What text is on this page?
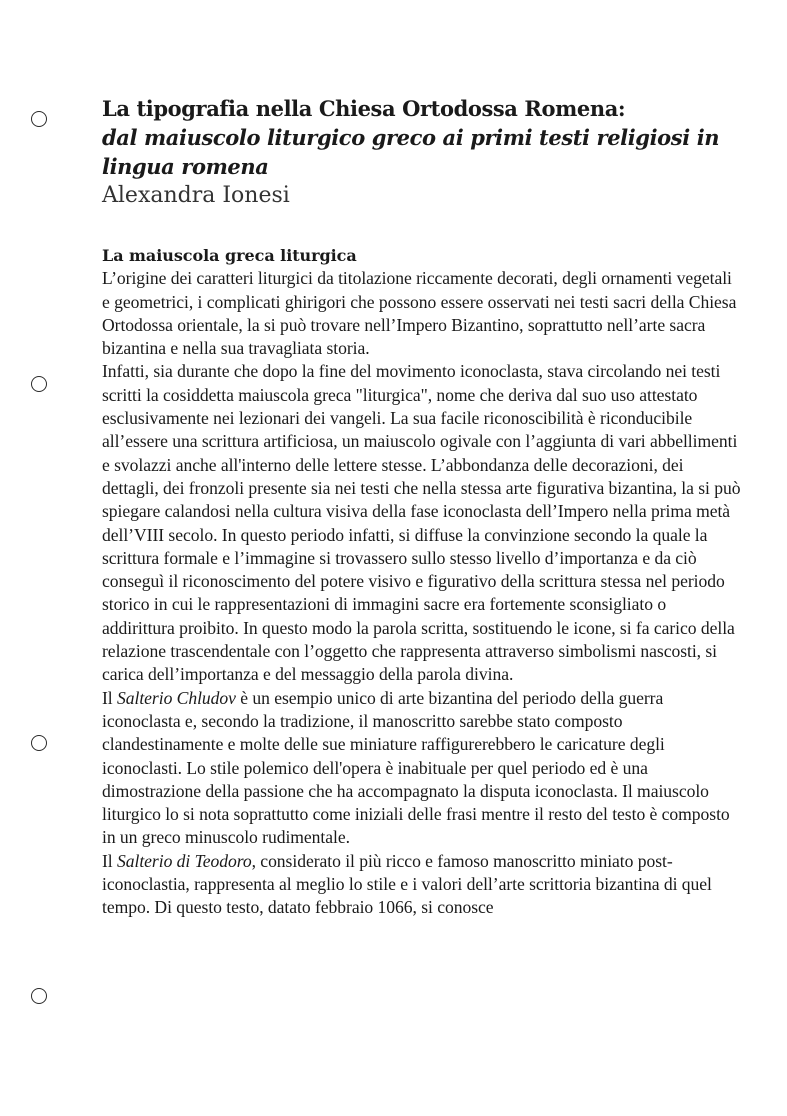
La tipografia nella Chiesa Ortodossa Romena:
dal maiuscolo liturgico greco ai primi testi religiosi in lingua romena
Alexandra Ionesi
La maiuscola greca liturgica

L’origine dei caratteri liturgici da titolazione riccamente decorati, degli ornamenti vegetali e geometrici, i complicati ghirigori che possono essere osservati nei testi sacri della Chiesa Ortodossa orientale, la si può trovare nell’Impero Bizantino, soprattutto nell’arte sacra bizantina e nella sua travagliata storia.

Infatti, sia durante che dopo la fine del movimento iconoclasta, stava circolando nei testi scritti la cosiddetta maiuscola greca "liturgica", nome che deriva dal suo uso attestato esclusivamente nei lezionari dei vangeli. La sua facile riconoscibilità è riconducibile all’essere una scrittura artificiosa, un maiuscolo ogivale con l’aggiunta di vari abbellimenti e svolazzi anche all'interno delle lettere stesse. L’abbondanza delle decorazioni, dei dettagli, dei fronzoli presente sia nei testi che nella stessa arte figurativa bizantina, la si può spiegare calandosi nella cultura visiva della fase iconoclasta dell’Impero nella prima metà dell’VIII secolo. In questo periodo infatti, si diffuse la convinzione secondo la quale la scrittura formale e l’immagine si trovassero sullo stesso livello d’importanza e da ciò conseguì il riconoscimento del potere visivo e figurativo della scrittura stessa nel periodo storico in cui le rappresentazioni di immagini sacre era fortemente sconsigliato o addirittura proibito. In questo modo la parola scritta, sostituendo le icone, si fa carico della relazione trascendentale con l’oggetto che rappresenta attraverso simbolismi nascosti, si carica dell’importanza e del messaggio della parola divina.

Il Salterio Chludov è un esempio unico di arte bizantina del periodo della guerra iconoclasta e, secondo la tradizione, il manoscritto sarebbe stato composto clandestinamente e molte delle sue miniature raffigurerebbero le caricature degli iconoclasti. Lo stile polemico dell'opera è inabituale per quel periodo ed è una dimostrazione della passione che ha accompagnato la disputa iconoclasta. Il maiuscolo liturgico lo si nota soprattutto come iniziali delle frasi mentre il resto del testo è composto in un greco minuscolo rudimentale.

Il Salterio di Teodoro, considerato il più ricco e famoso manoscritto miniato post-iconoclastia, rappresenta al meglio lo stile e i valori dell’arte scrittoria bizantina di quel tempo. Di questo testo, datato febbraio 1066, si conosce
